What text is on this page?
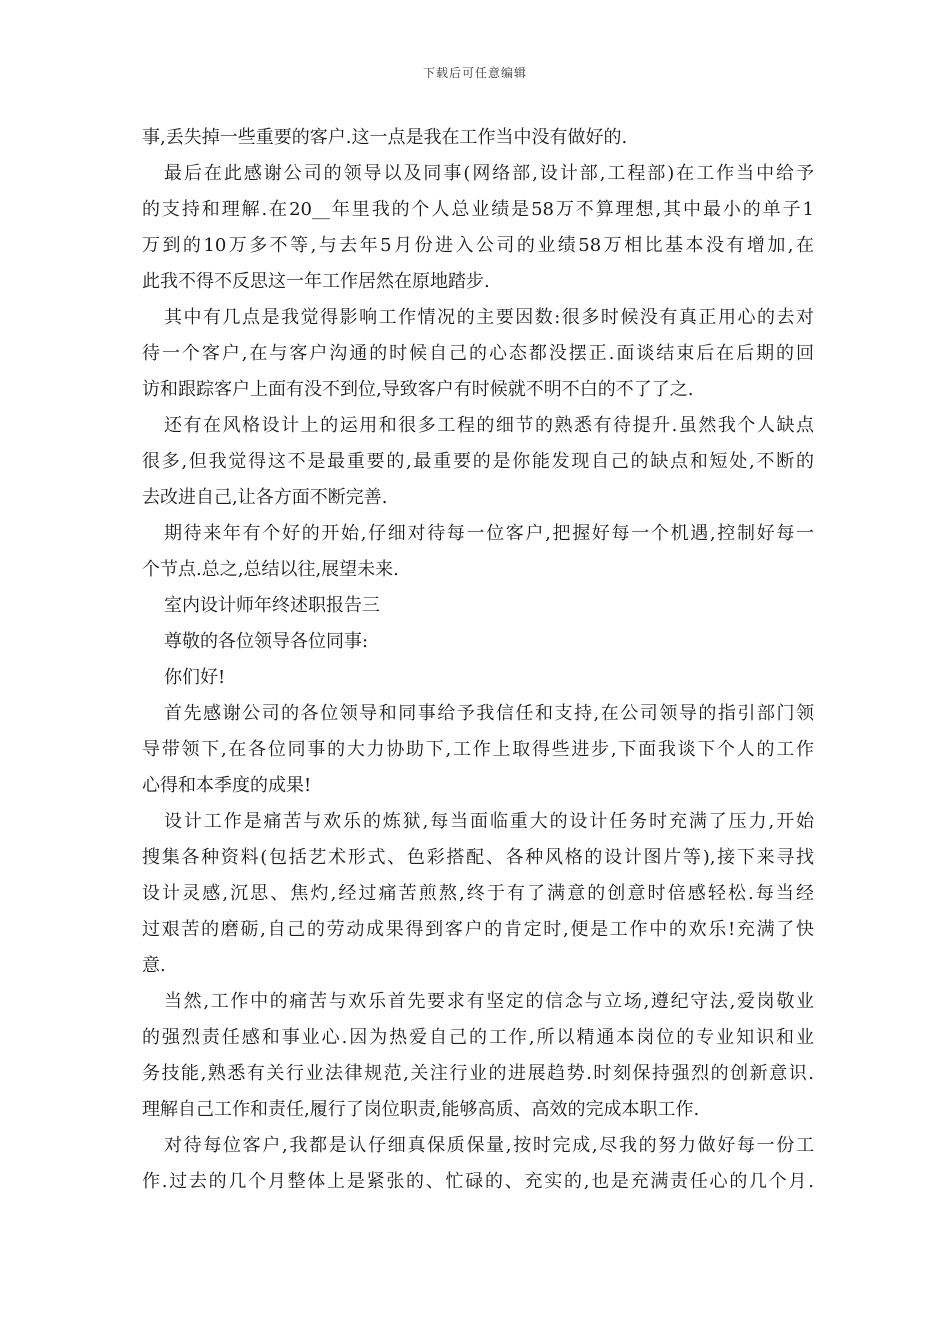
下载后可任意编辑
事,丢失掉一些重要的客户.这一点是我在工作当中没有做好的.
最后在此感谢公司的领导以及同事(网络部,设计部,工程部)在工作当中给予
的支持和理解.在20__年里我的个人总业绩是58万不算理想,其中最小的单子1
万到的10万多不等,与去年5月份进入公司的业绩58万相比基本没有增加,在
此我不得不反思这一年工作居然在原地踏步.
其中有几点是我觉得影响工作情况的主要因数:很多时候没有真正用心的去对
待一个客户,在与客户沟通的时候自己的心态都没摆正.面谈结束后在后期的回
访和跟踪客户上面有没不到位,导致客户有时候就不明不白的不了了之.
还有在风格设计上的运用和很多工程的细节的熟悉有待提升.虽然我个人缺点
很多,但我觉得这不是最重要的,最重要的是你能发现自己的缺点和短处,不断的
去改进自己,让各方面不断完善.
期待来年有个好的开始,仔细对待每一位客户,把握好每一个机遇,控制好每一
个节点.总之,总结以往,展望未来.
室内设计师年终述职报告三
尊敬的各位领导各位同事:
你们好!
首先感谢公司的各位领导和同事给予我信任和支持,在公司领导的指引部门领
导带领下,在各位同事的大力协助下,工作上取得些进步,下面我谈下个人的工作
心得和本季度的成果!
设计工作是痛苦与欢乐的炼狱,每当面临重大的设计任务时充满了压力,开始
搜集各种资料(包括艺术形式、色彩搭配、各种风格的设计图片等),接下来寻找
设计灵感,沉思、焦灼,经过痛苦煎熬,终于有了满意的创意时倍感轻松.每当经
过艰苦的磨砺,自己的劳动成果得到客户的肯定时,便是工作中的欢乐!充满了快
意.
当然,工作中的痛苦与欢乐首先要求有坚定的信念与立场,遵纪守法,爱岗敬业
的强烈责任感和事业心.因为热爱自己的工作,所以精通本岗位的专业知识和业
务技能,熟悉有关行业法律规范,关注行业的进展趋势.时刻保持强烈的创新意识.
理解自己工作和责任,履行了岗位职责,能够高质、高效的完成本职工作.
对待每位客户,我都是认仔细真保质保量,按时完成,尽我的努力做好每一份工
作.过去的几个月整体上是紧张的、忙碌的、充实的,也是充满责任心的几个月.
